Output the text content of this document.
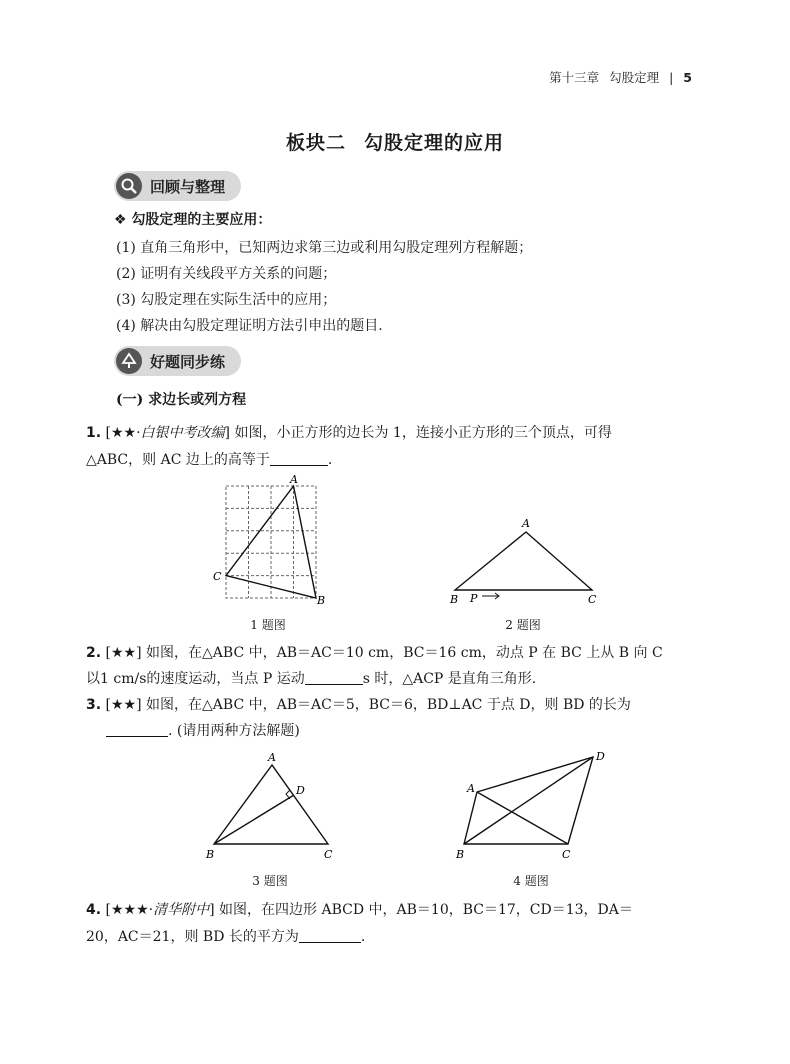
第十三章 勾股定理 | 5
板块二 勾股定理的应用
回顾与整理
❖ 勾股定理的主要应用：
(1) 直角三角形中，已知两边求第三边或利用勾股定理列方程解题；
(2) 证明有关线段平方关系的问题；
(3) 勾股定理在实际生活中的应用；
(4) 解决由勾股定理证明方法引申出的题目.
好题同步练
(一) 求边长或列方程
1. [★★·白银中考改编] 如图，小正方形的边长为 1，连接小正方形的三个顶点，可得
△ABC，则 AC 边上的高等于	.
A
C
B
1 题图
A
B P	C
2 题图
2. [★★] 如图，在△ABC 中，AB＝AC＝10 cm，BC＝16 cm，动点 P 在 BC 上从 B 向 C
以1 cm/s的速度运动，当点 P 运动	s 时，△ACP 是直角三角形.
3. [★★] 如图，在△ABC 中，AB＝AC＝5，BC＝6，BD⊥AC 于点 D，则 BD 的长为
. (请用两种方法解题)
A
D
B	C
3 题图
A
D
B	C
4 题图
4. [★★★·清华附中] 如图，在四边形 ABCD 中，AB＝10，BC＝17，CD＝13，DA＝
20，AC＝21，则 BD 长的平方为	.
